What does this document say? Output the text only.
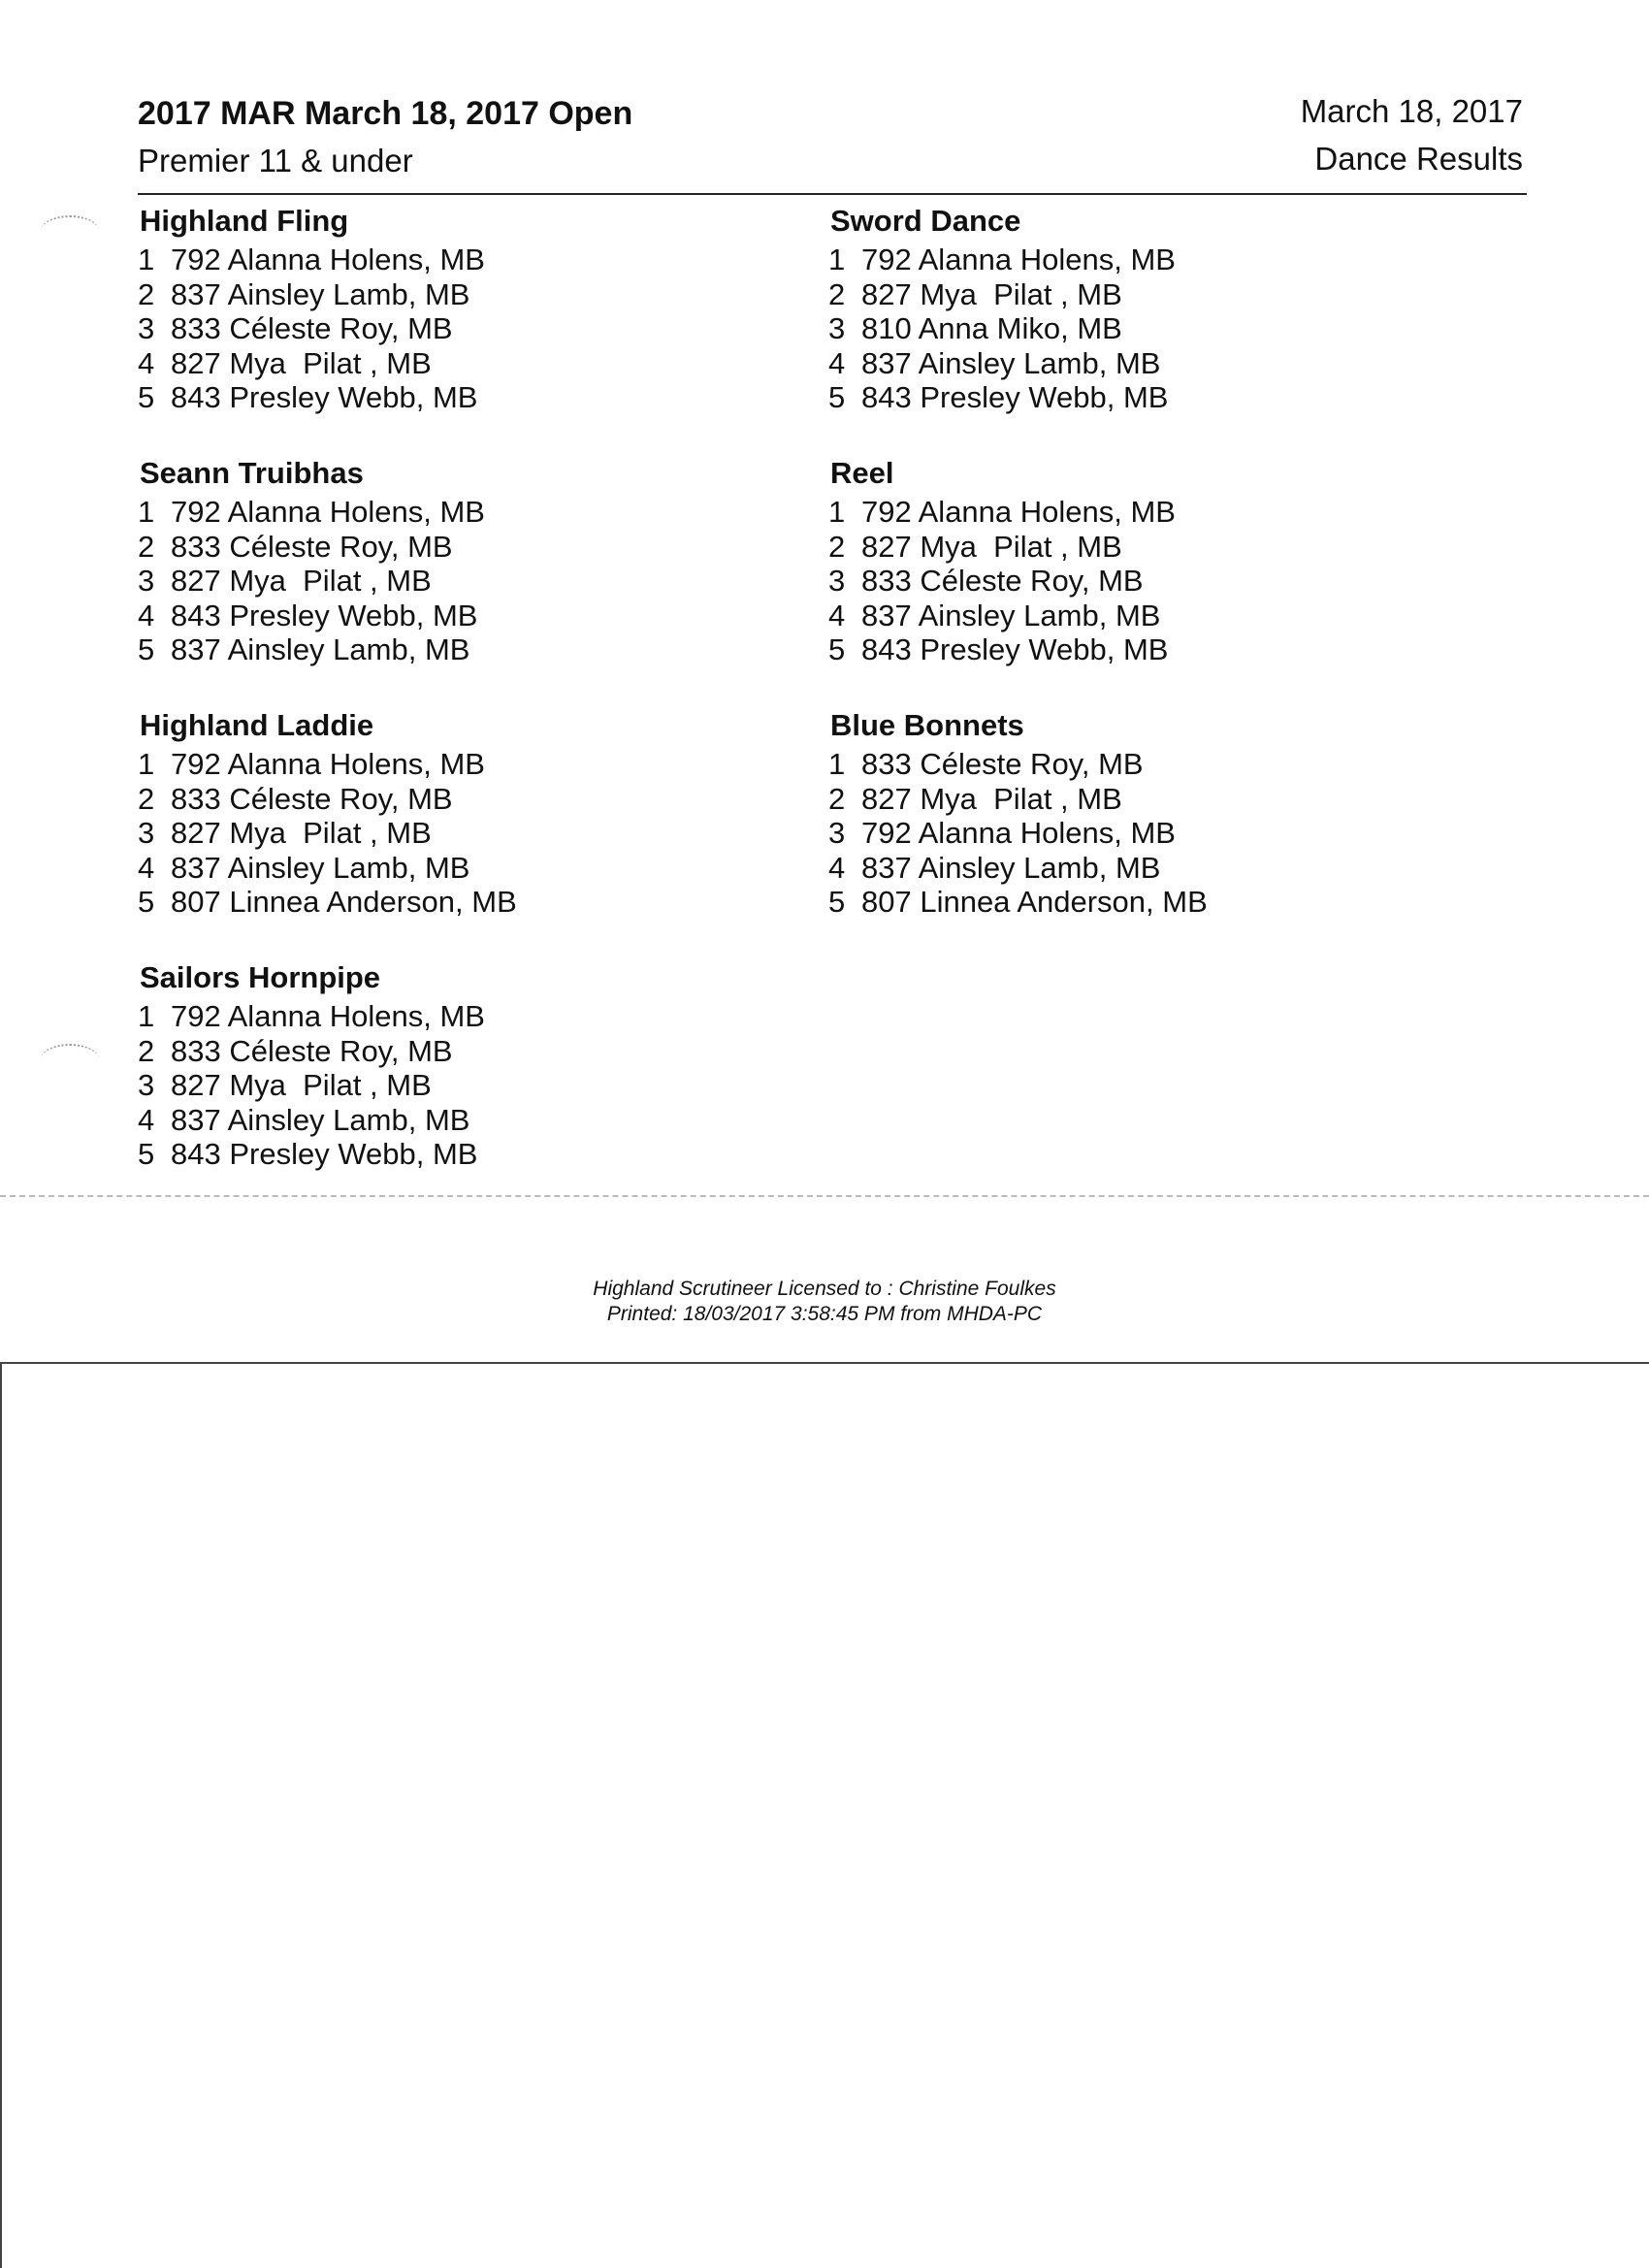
2017 MAR March 18, 2017 Open
Premier 11 & under
March 18, 2017
Dance Results
Highland Fling
1 792 Alanna Holens, MB
2 837 Ainsley Lamb, MB
3 833 Céleste Roy, MB
4 827 Mya  Pilat , MB
5 843 Presley Webb, MB
Seann Truibhas
1 792 Alanna Holens, MB
2 833 Céleste Roy, MB
3 827 Mya  Pilat , MB
4 843 Presley Webb, MB
5 837 Ainsley Lamb, MB
Highland Laddie
1 792 Alanna Holens, MB
2 833 Céleste Roy, MB
3 827 Mya  Pilat , MB
4 837 Ainsley Lamb, MB
5 807 Linnea Anderson, MB
Sailors Hornpipe
1 792 Alanna Holens, MB
2 833 Céleste Roy, MB
3 827 Mya  Pilat , MB
4 837 Ainsley Lamb, MB
5 843 Presley Webb, MB
Sword Dance
1 792 Alanna Holens, MB
2 827 Mya  Pilat , MB
3 810 Anna Miko, MB
4 837 Ainsley Lamb, MB
5 843 Presley Webb, MB
Reel
1 792 Alanna Holens, MB
2 827 Mya  Pilat , MB
3 833 Céleste Roy, MB
4 837 Ainsley Lamb, MB
5 843 Presley Webb, MB
Blue Bonnets
1 833 Céleste Roy, MB
2 827 Mya  Pilat , MB
3 792 Alanna Holens, MB
4 837 Ainsley Lamb, MB
5 807 Linnea Anderson, MB
Highland Scrutineer Licensed to : Christine Foulkes
Printed: 18/03/2017 3:58:45 PM from MHDA-PC
